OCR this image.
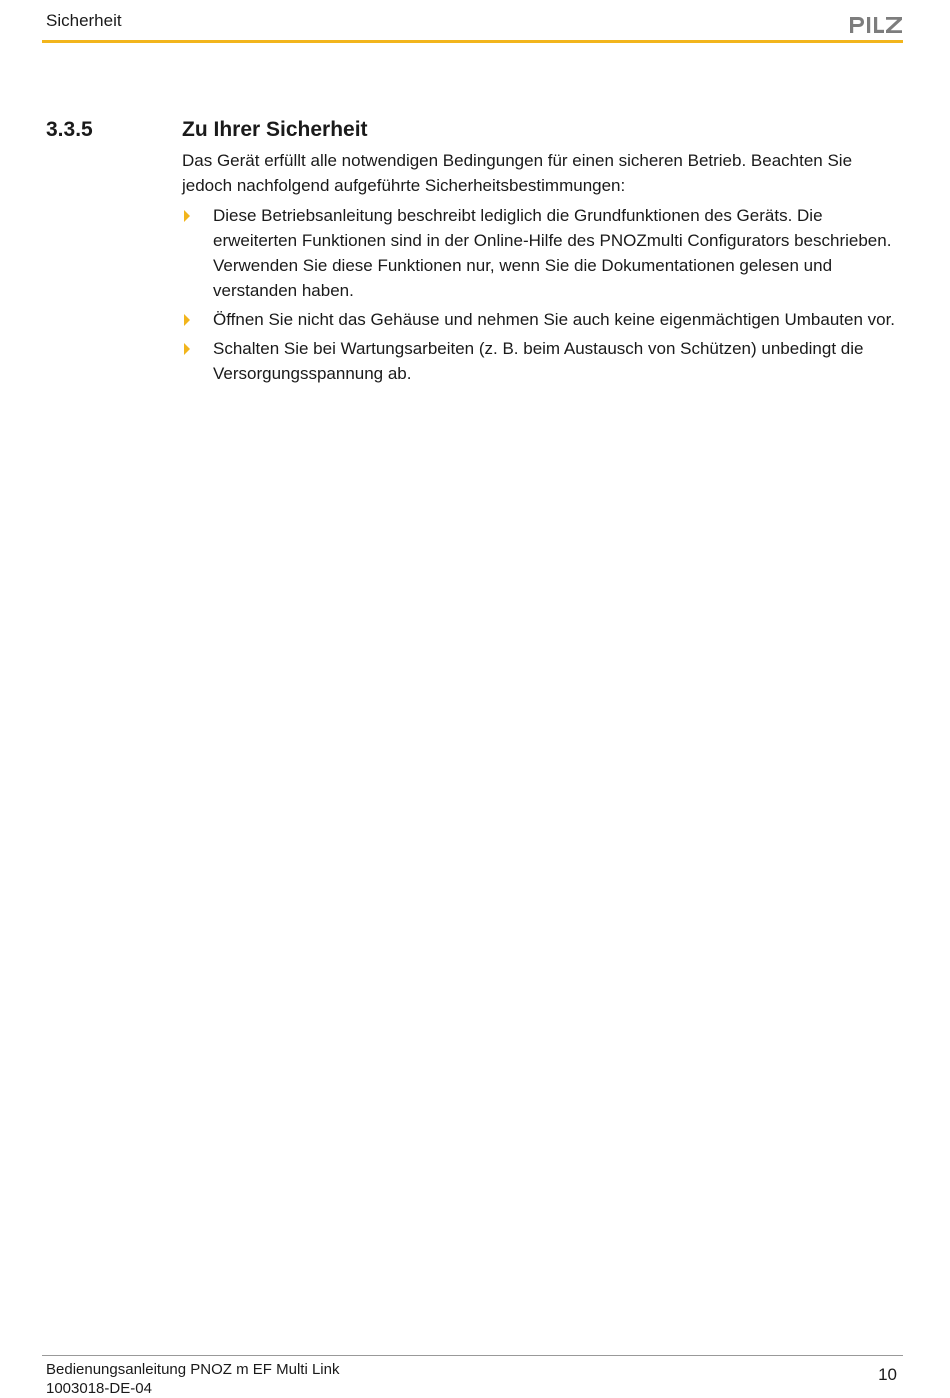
Sicherheit
3.3.5	Zu Ihrer Sicherheit
Das Gerät erfüllt alle notwendigen Bedingungen für einen sicheren Betrieb. Beachten Sie jedoch nachfolgend aufgeführte Sicherheitsbestimmungen:
Diese Betriebsanleitung beschreibt lediglich die Grundfunktionen des Geräts. Die erweiterten Funktionen sind in der Online-Hilfe des PNOZmulti Configurators beschrieben. Verwenden Sie diese Funktionen nur, wenn Sie die Dokumentationen gelesen und verstanden haben.
Öffnen Sie nicht das Gehäuse und nehmen Sie auch keine eigenmächtigen Umbauten vor.
Schalten Sie bei Wartungsarbeiten (z. B. beim Austausch von Schützen) unbedingt die Versorgungsspannung ab.
Bedienungsanleitung PNOZ m EF Multi Link
1003018-DE-04
10
